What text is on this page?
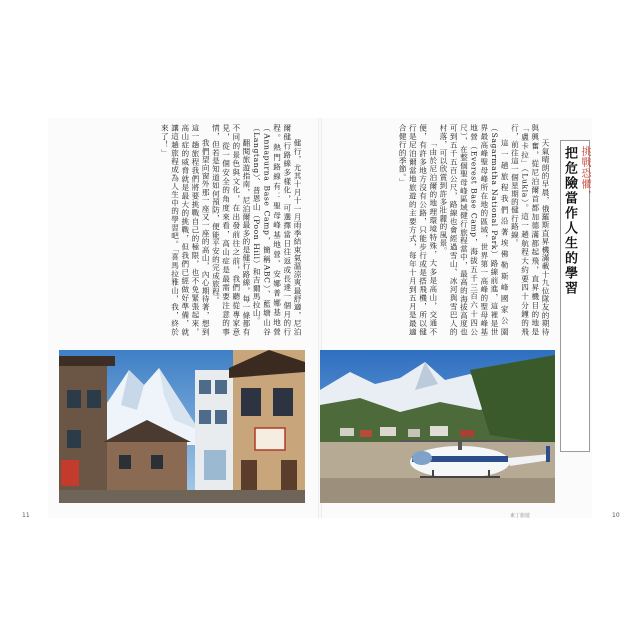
挑戰恐懼，
把危險當作人生的學習

天氣晴朗的早晨，俄羅斯直昇機滿載十九位隊友的期待與興奮，從尼泊爾首都加德滿都起飛，直昇機目的地是「盧卡拉」（Lukla）。這一趟航程大約要四十分鐘的飛行，前往這一個星期的健行路線。

這一趟旅程我們沿著埃佛勒斯峰國家公園（Sagarmatha National Park）路線前進，這裡是世界最高峰聖母峰所在地的區域，世界第一高峰的聖母峰基地營（Everest Base Camp，海拔五千三百六十四公尺），在整個聖母峰區域健行旅程當中，最高的海拔高度也可到五千五百公尺，路線也會經過雪山、冰河與雪巴人的村落，可以欣賞到許多壯麗的風景。

「由於尼泊爾的地理環境特殊，大多是高山，交通不便，有許多地方沒有公路，只能步行或是搭飛機，所以健行是尼泊爾當地旅遊的主要方式，每年十月到五月是最適合健行的季節。」

健行，尤其十月十一月雨季結束氣溫涼爽最舒適，尼泊爾健行路線多樣化，可選擇當日往返或長達一個月的行程。熱門路線有：聖母峰基地營、安娜普娜基地營（Annapurna Base Camp，簡稱ABC）、藍塘山谷（Langtang）、普恩山（Poon Hill）和吉爾馬拉山。

翻閱旅遊指南，尼泊爾最多的是健行路線，每一條都有不同的景色與文化，在出發前往之前，我們聽從專家意見，從一個安全的角度來看，高山症是最需要注意的事情，但若是知道如何預防，便能平安的完成旅程。

我們望向窗外那一座又一座的高山，內心期待著，想到這一趟旅程我們將要挑戰自己的極限，也不免緊張起來，高山症的威脅就是最大的挑戰，但我們已經做好準備，就讓這趟旅程成為人生中的學習吧。「喜馬拉雅山，我，終於來了！」

11	10
東丁旅遊
